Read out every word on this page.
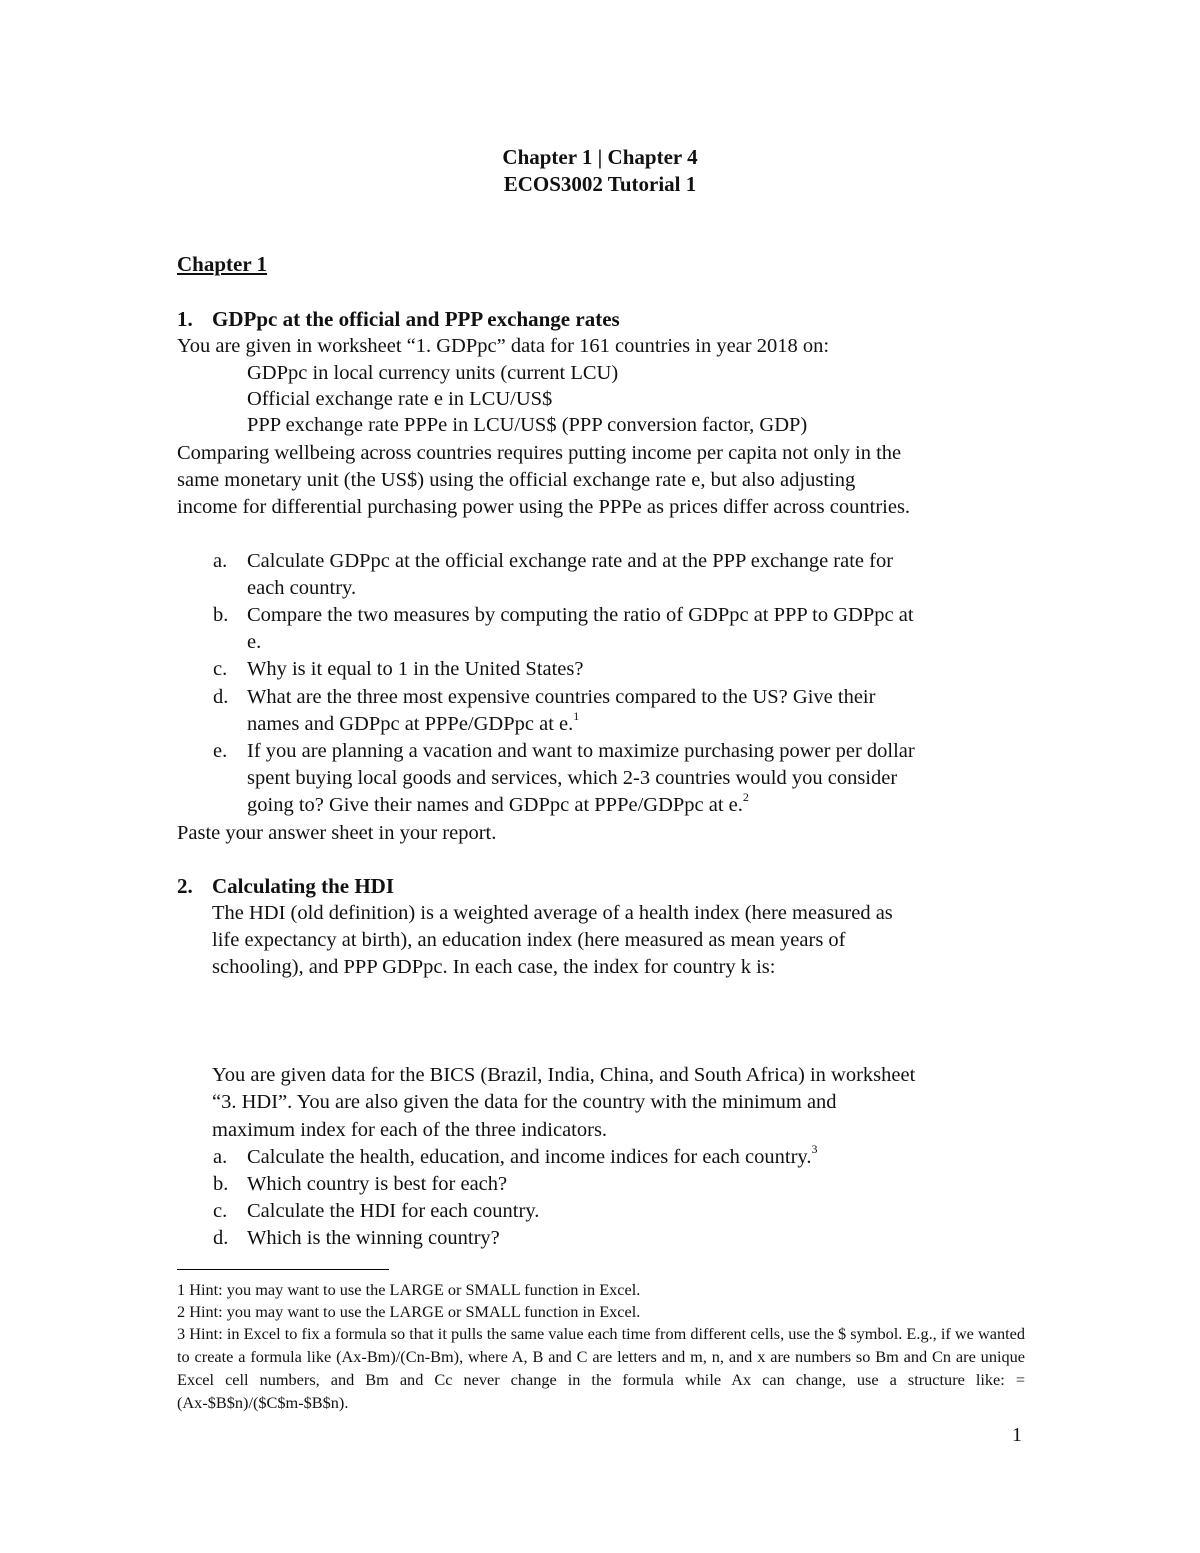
Chapter 1 | Chapter 4
ECOS3002 Tutorial 1
Chapter 1
1. GDPpc at the official and PPP exchange rates
You are given in worksheet “1. GDPpc” data for 161 countries in year 2018 on:
GDPpc in local currency units (current LCU)
Official exchange rate e in LCU/US$
PPP exchange rate PPPe in LCU/US$ (PPP conversion factor, GDP)
Comparing wellbeing across countries requires putting income per capita not only in the
same monetary unit (the US$) using the official exchange rate e, but also adjusting
income for differential purchasing power using the PPPe as prices differ across countries.
a. Calculate GDPpc at the official exchange rate and at the PPP exchange rate for
each country.
b. Compare the two measures by computing the ratio of GDPpc at PPP to GDPpc at
e.
c. Why is it equal to 1 in the United States?
d. What are the three most expensive countries compared to the US? Give their
names and GDPpc at PPPe/GDPpc at e.$^1$
e. If you are planning a vacation and want to maximize purchasing power per dollar
spent buying local goods and services, which 2-3 countries would you consider
going to? Give their names and GDPpc at PPPe/GDPpc at e.$^2$
Paste your answer sheet in your report.
2. Calculating the HDI
The HDI (old definition) is a weighted average of a health index (here measured as
life expectancy at birth), an education index (here measured as mean years of
schooling), and PPP GDPpc. In each case, the index for country k is:
You are given data for the BICS (Brazil, India, China, and South Africa) in worksheet
“3. HDI”. You are also given the data for the country with the minimum and
maximum index for each of the three indicators.
a. Calculate the health, education, and income indices for each country.$^3$
b. Which country is best for each?
c. Calculate the HDI for each country.
d. Which is the winning country?
1 Hint: you may want to use the LARGE or SMALL function in Excel.
2 Hint: you may want to use the LARGE or SMALL function in Excel.
3 Hint: in Excel to fix a formula so that it pulls the same value each time from different cells, use the $ symbol. E.g., if we wanted to create a formula like (Ax-Bm)/(Cn-Bm), where A, B and C are letters and m, n, and x are numbers so Bm and Cn are unique Excel cell numbers, and Bm and Cc never change in the formula while Ax can change, use a structure like: =(Ax-$B$n)/($C$m-$B$n).
1
